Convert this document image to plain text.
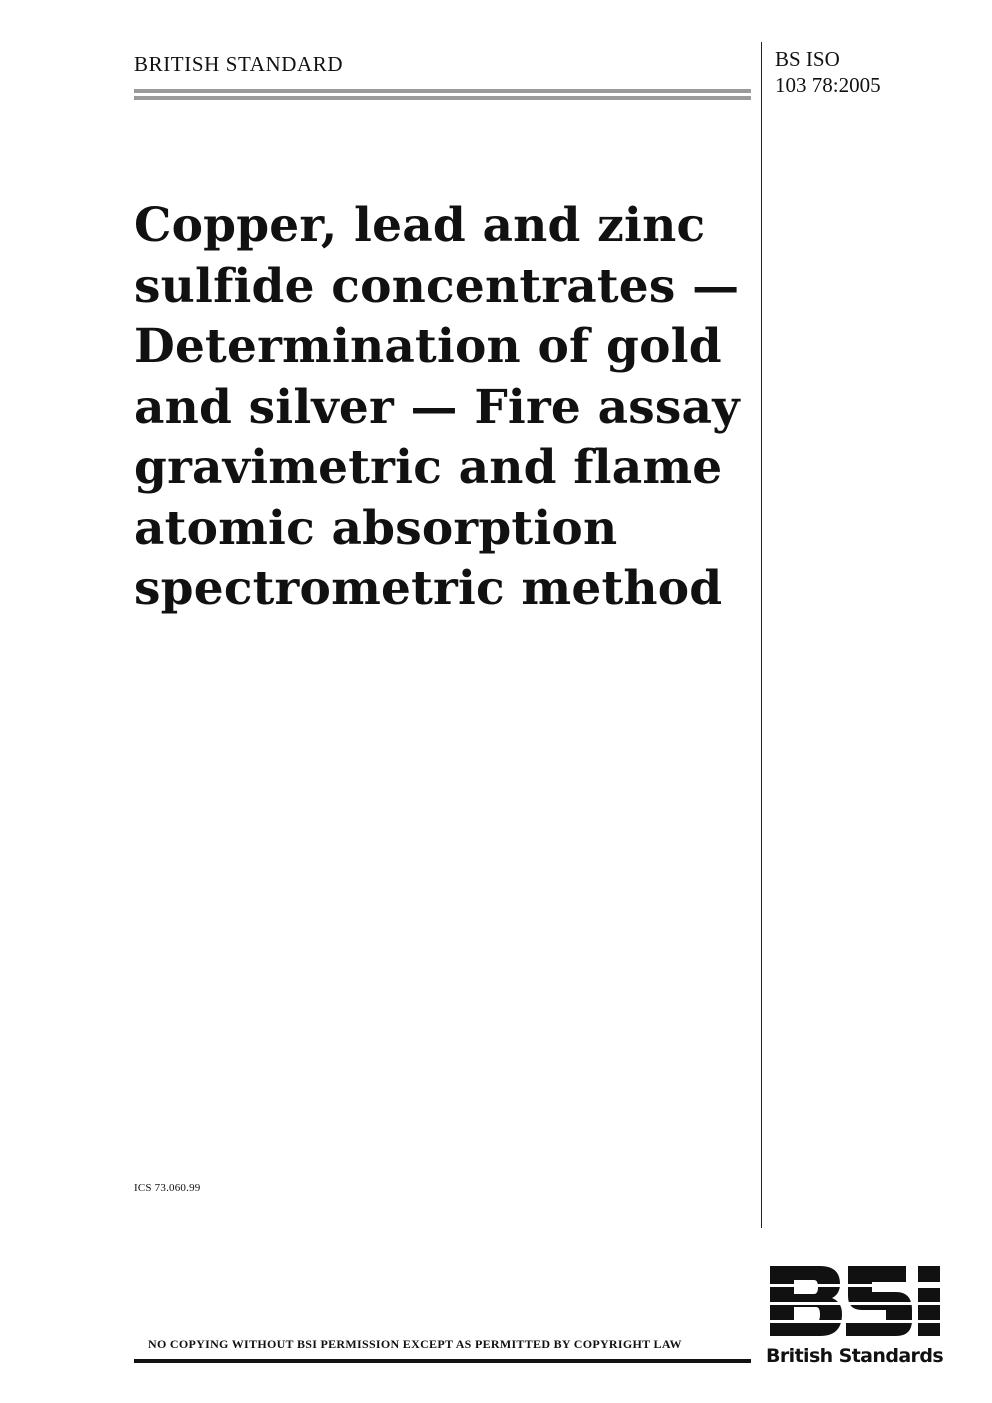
BRITISH STANDARD	BS ISO
103 78:2005
Copper, lead and zinc
sulfide concentrates —
Determination of gold
and silver — Fire assay
gravimetric and flame
atomic absorption
spectrometric method
ICS 73.060.99
NO COPYING WITHOUT BSI PERMISSION EXCEPT AS PERMITTED BY COPYRIGHT LAW
British Standards
